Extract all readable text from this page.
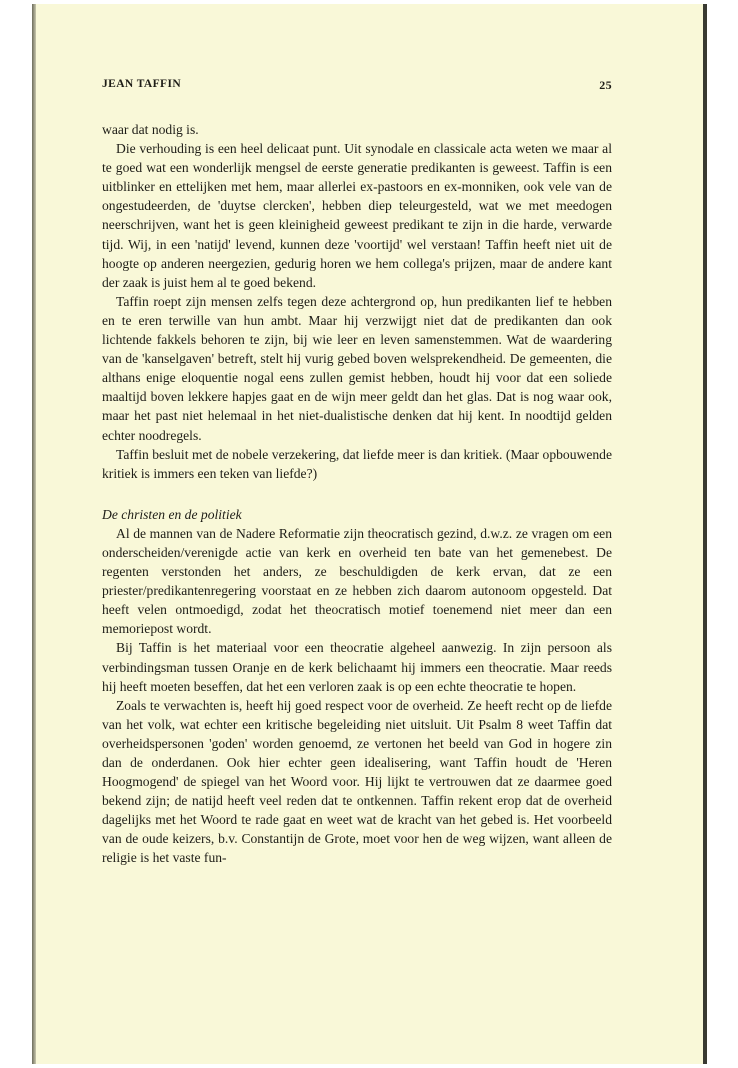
JEAN TAFFIN	25

waar dat nodig is.

Die verhouding is een heel delicaat punt. Uit synodale en classicale acta weten we maar al te goed wat een wonderlijk mengsel de eerste generatie predikanten is geweest. Taffin is een uitblinker en ettelijken met hem, maar allerlei ex-pastoors en ex-monniken, ook vele van de ongestudeerden, de 'duytse clercken', hebben diep teleurgesteld, wat we met meedogen neerschrijven, want het is geen kleinigheid geweest predikant te zijn in die harde, verwarde tijd. Wij, in een 'natijd' levend, kunnen deze 'voortijd' wel verstaan! Taffin heeft niet uit de hoogte op anderen neergezien, gedurig horen we hem collega's prijzen, maar de andere kant der zaak is juist hem al te goed bekend.

Taffin roept zijn mensen zelfs tegen deze achtergrond op, hun predikanten lief te hebben en te eren terwille van hun ambt. Maar hij verzwijgt niet dat de predikanten dan ook lichtende fakkels behoren te zijn, bij wie leer en leven samenstemmen. Wat de waardering van de 'kanselgaven' betreft, stelt hij vurig gebed boven welsprekendheid. De gemeenten, die althans enige eloquentie nogal eens zullen gemist hebben, houdt hij voor dat een soliede maaltijd boven lekkere hapjes gaat en de wijn meer geldt dan het glas. Dat is nog waar ook, maar het past niet helemaal in het niet-dualistische denken dat hij kent. In noodtijd gelden echter noodregels.

Taffin besluit met de nobele verzekering, dat liefde meer is dan kritiek. (Maar opbouwende kritiek is immers een teken van liefde?)

De christen en de politiek

Al de mannen van de Nadere Reformatie zijn theocratisch gezind, d.w.z. ze vragen om een onderscheiden/verenigde actie van kerk en overheid ten bate van het gemenebest. De regenten verstonden het anders, ze beschuldigden de kerk ervan, dat ze een priester/predikantenregering voorstaat en ze hebben zich daarom autonoom opgesteld. Dat heeft velen ontmoedigd, zodat het theocratisch motief toenemend niet meer dan een memoriepost wordt.

Bij Taffin is het materiaal voor een theocratie algeheel aanwezig. In zijn persoon als verbindingsman tussen Oranje en de kerk belichaamt hij immers een theocratie. Maar reeds hij heeft moeten beseffen, dat het een verloren zaak is op een echte theocratie te hopen.

Zoals te verwachten is, heeft hij goed respect voor de overheid. Ze heeft recht op de liefde van het volk, wat echter een kritische begeleiding niet uitsluit. Uit Psalm 8 weet Taffin dat overheidspersonen 'goden' worden genoemd, ze vertonen het beeld van God in hogere zin dan de onderdanen. Ook hier echter geen idealisering, want Taffin houdt de 'Heren Hoogmogend' de spiegel van het Woord voor. Hij lijkt te vertrouwen dat ze daarmee goed bekend zijn; de natijd heeft veel reden dat te ontkennen. Taffin rekent erop dat de overheid dagelijks met het Woord te rade gaat en weet wat de kracht van het gebed is. Het voorbeeld van de oude keizers, b.v. Constantijn de Grote, moet voor hen de weg wijzen, want alleen de religie is het vaste fun-
